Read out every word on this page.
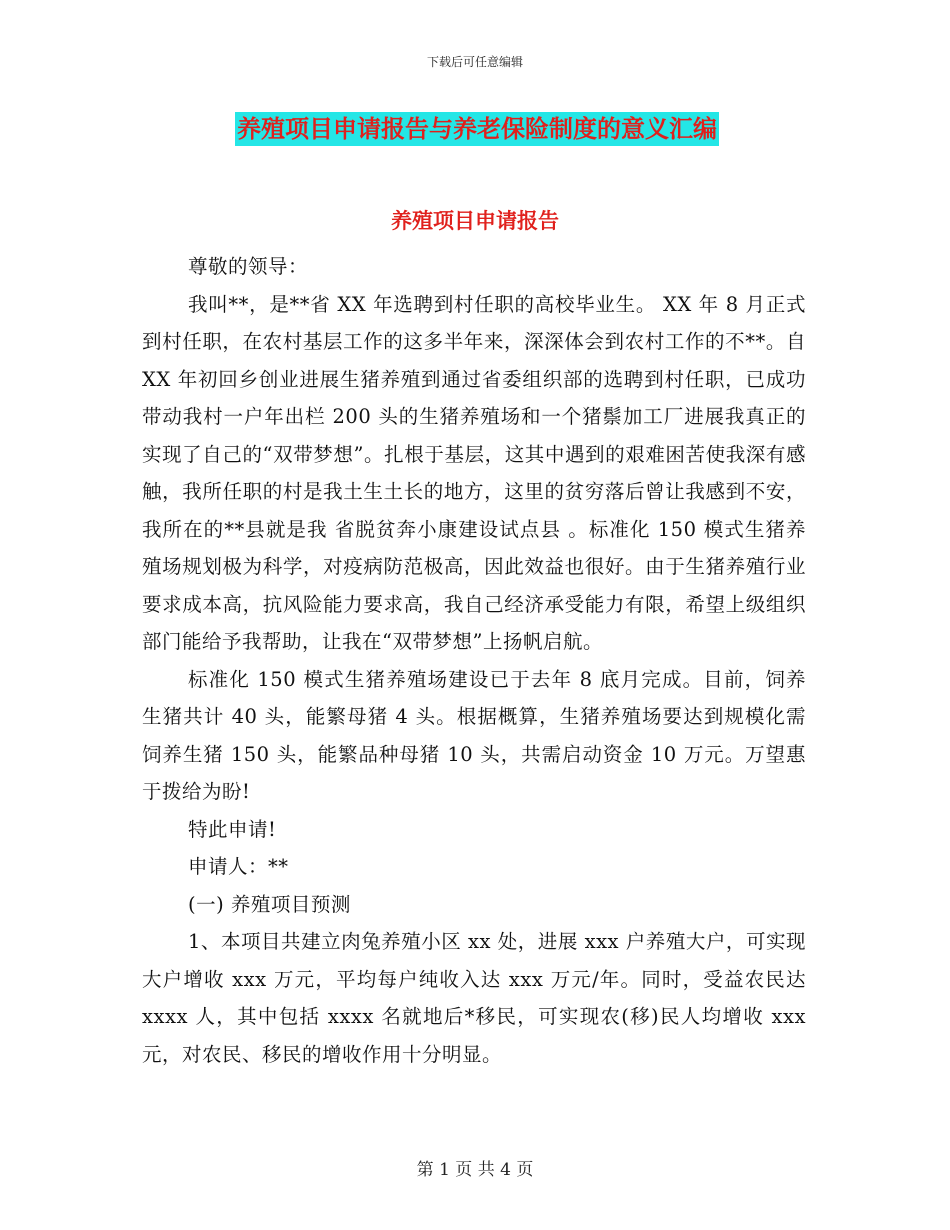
下载后可任意编辑
养殖项目申请报告与养老保险制度的意义汇编
养殖项目申请报告

尊敬的领导：

我叫**，是**省 XX 年选聘到村任职的高校毕业生。 XX 年 8 月正式到村任职，在农村基层工作的这多半年来，深深体会到农村工作的不**。自 XX 年初回乡创业进展生猪养殖到通过省委组织部的选聘到村任职，已成功带动我村一户年出栏 200 头的生猪养殖场和一个猪鬃加工厂进展我真正的实现了自己的“双带梦想”。扎根于基层，这其中遇到的艰难困苦使我深有感触，我所任职的村是我土生土长的地方，这里的贫穷落后曾让我感到不安，我所在的**县就是我 省脱贫奔小康建设试点县 。标准化 150 模式生猪养殖场规划极为科学，对疫病防范极高，因此效益也很好。由于生猪养殖行业要求成本高，抗风险能力要求高，我自己经济承受能力有限，希望上级组织部门能给予我帮助，让我在“双带梦想”上扬帆启航。

标准化 150 模式生猪养殖场建设已于去年 8 底月完成。目前，饲养生猪共计 40 头，能繁母猪 4 头。根据概算，生猪养殖场要达到规模化需饲养生猪 150 头，能繁品种母猪 10 头，共需启动资金 10 万元。万望惠于拨给为盼!

特此申请!

申请人：**

(一) 养殖项目预测

1、本项目共建立肉兔养殖小区 xx 处，进展 xxx 户养殖大户，可实现大户增收 xxx 万元，平均每户纯收入达 xxx 万元/年。同时，受益农民达 xxxx 人，其中包括 xxxx 名就地后*移民，可实现农(移)民人均增收 xxx 元，对农民、移民的增收作用十分明显。

第 1 页 共 4 页
